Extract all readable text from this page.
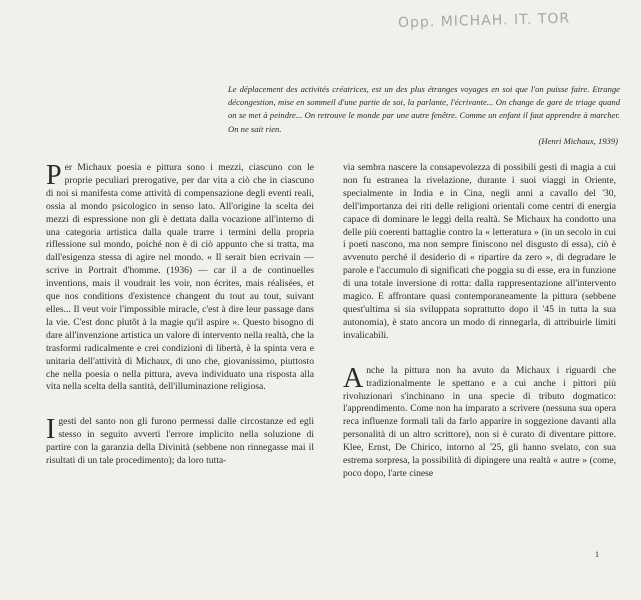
Opp. MICHAH. IT. TOR

Le déplacement des activités créatrices, est un des plus étranges voyages en soi que l'on puisse faire. Etrange décongestion, mise en sommeil d'une partie de soi, la parlante, l'écrivante... On change de gare de triage quand on se met à peindre... On retrouve le monde par une autre fenêtre. Comme un enfant il faut apprendre à marcher. On ne sait rien.

(Henri Michaux, 1939)

Per Michaux poesia e pittura sono i mezzi, ciascuno con le proprie peculiari prerogative, per dar vita a ciò che in ciascuno di noi si manifesta come attività di compensazione degli eventi reali, ossia al mondo psicologico in senso lato. All'origine la scelta dei mezzi di espressione non gli è dettata dalla vocazione all'interno di una categoria artistica dalla quale trarre i termini della propria riflessione sul mondo, poiché non è di ciò appunto che si tratta, ma dall'esigenza stessa di agire nel mondo. « Il serait bien ecrivain — scrive in Portrait d'homme. (1936) — car il a de continuelles inventions, mais il voudrait les voir, non écrites, mais réalisées, et que nos conditions d'existence changent du tout au tout, suivant elles... Il veut voir l'impossible miracle, c'est à dire leur passage dans la vie. C'est donc plutôt à la magie qu'il aspire ». Questo bisogno di dare all'invenzione artistica un valore di intervento nella realtà, che la trasformi radicalmente e crei condizioni di libertà, è la spinta vera e unitaria dell'attività di Michaux, di uno che, giovanissimo, piuttosto che nella poesia o nella pittura, aveva individuato una risposta alla vita nella scelta della santità, dell'illuminazione religiosa.

Igesti del santo non gli furono permessi dalle circostanze ed egli stesso in seguito avvertì l'errore implicito nella soluzione di partire con la garanzia della Divinità (sebbene non rinnegasse mai il risultati di un tale procedimento); da loro tutta-

via sembra nascere la consapevolezza di possibili gesti di magia a cui non fu estranea la rivelazione, durante i suoi viaggi in Oriente, specialmente in India e in Cina, negli anni a cavallo del '30, dell'importanza dei riti delle religioni orientali come centri di energia capace di dominare le leggi della realtà. Se Michaux ha condotto una delle più coerenti battaglie contro la « letteratura » (in un secolo in cui i poeti nascono, ma non sempre finiscono nel disgusto di essa), ciò è avvenuto perché il desiderio di « ripartire da zero », di degradare le parole e l'accumulo di significati che poggia su di esse, era in funzione di una totale inversione di rotta: dalla rappresentazione all'intervento magico. E affrontare quasi contemporaneamente la pittura (sebbene quest'ultima si sia sviluppata soprattutto dopo il '45 in tutta la sua autonomia), è stato ancora un modo di rinnegarla, di attribuirle limiti invalicabili.

Anche la pittura non ha avuto da Michaux i riguardi che tradizionalmente le spettano e a cui anche i pittori più rivoluzionari s'inchinano in una specie di tributo dogmatico: l'apprendimento. Come non ha imparato a scrivere (nessuna sua opera reca influenze formali tali da farlo apparire in soggezione davanti alla personalità di un altro scrittore), non si è curato di diventare pittore. Klee, Ernst, De Chirico, intorno al '25, gli hanno svelato, con sua estrema sorpresa, la possibilità di dipingere una realtà « autre » (come, poco dopo, l'arte cinese

1
